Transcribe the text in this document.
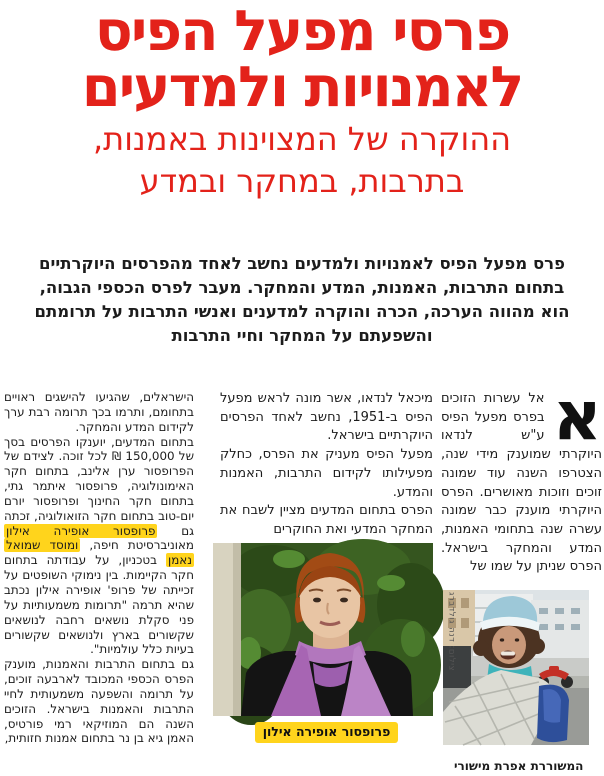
פרסי מפעל הפיס
לאמנויות ולמדעים
ההוקרה של המצוינות באמנות,
בתרבות, במחקר ובמדע

פרס מפעל הפיס לאמנויות ולמדעים נחשב לאחד מהפרסים היוקרתיים בתחום התרבות, האמנות, המדע והמחקר. מעבר לפרס הכספי הגבוה, הוא מהווה הערכה, הכרה והוקרה למדענים ואנשי התרבות על תרומתם והשפעתם על המחקר וחיי התרבות

א
אל עשרות הזוכים בפרס מפעל הפיס ע"ש לנדאו היוקרתי שמוענק מידי שנה, הצטרפו השנה עוד שמונה זוכים וזוכות מאושרים. הפרס היוקרתי מוענק כבר שמונה עשרה שנה בתחומי האמנות, המדע והמחקר בישראל. הפרס שניתן על שמו של

צילום: דנה גולדברג
המשוררת אפרת מישורי

מיכאל לנדאו, אשר מונה לראש מפעל הפיס ב-1951, נחשב לאחד הפרסים היוקרתיים בישראל.

מפעל הפיס מעניק את הפרס, כחלק מפעילותו לקידום התרבות, האמנות והמדע.

הפרס בתחום המדעים מציין לשבח את המחקר המדעי ואת החוקרים

פרופסור אופירה אילון

הישראלים, שהגיעו להישגים ראויים בתחומם, ותרמו בכך תרומה רבת ערך לקידום המדע והמחקר.

בתחום המדעים, יוענקו הפרסים בסך של 150,000 ₪ לכל זוכה. לצידם של הפרופסור ערן אלינב, בתחום חקר האימונולוגיה, פרופסור איתמר גתי, בתחום חקר החינוך ופרופסור יורם יום-טוב בתחום חקר הזואולוגיה, זכתה גם פרופסור אופירה אילון מאוניברסיטת חיפה, ומוסד שמואל נאמן בטכניון, על עבודתה בתחום חקר הקיימות. בין נימוקי השופטים על זכייתה של פרופ' אופירה אילון נכתב שהיא תרמה "תרומות משמעותיות על פני סקלת נושאים רחבה לנושאים שקשורים בארץ ולנושאים שקשורים בעיות כלל עולמיות".

גם בתחום התרבות והאמנות, מוענק הפרס הכספי המכובד לארבעה זוכים, על תרומה והשפעה משמעותית לחיי התרבות והאמנות בישראל. הזוכים השנה הם המוזיקאי רמי פורטיס, האמן גיא בן נר בתחום אמנות חזותית,
